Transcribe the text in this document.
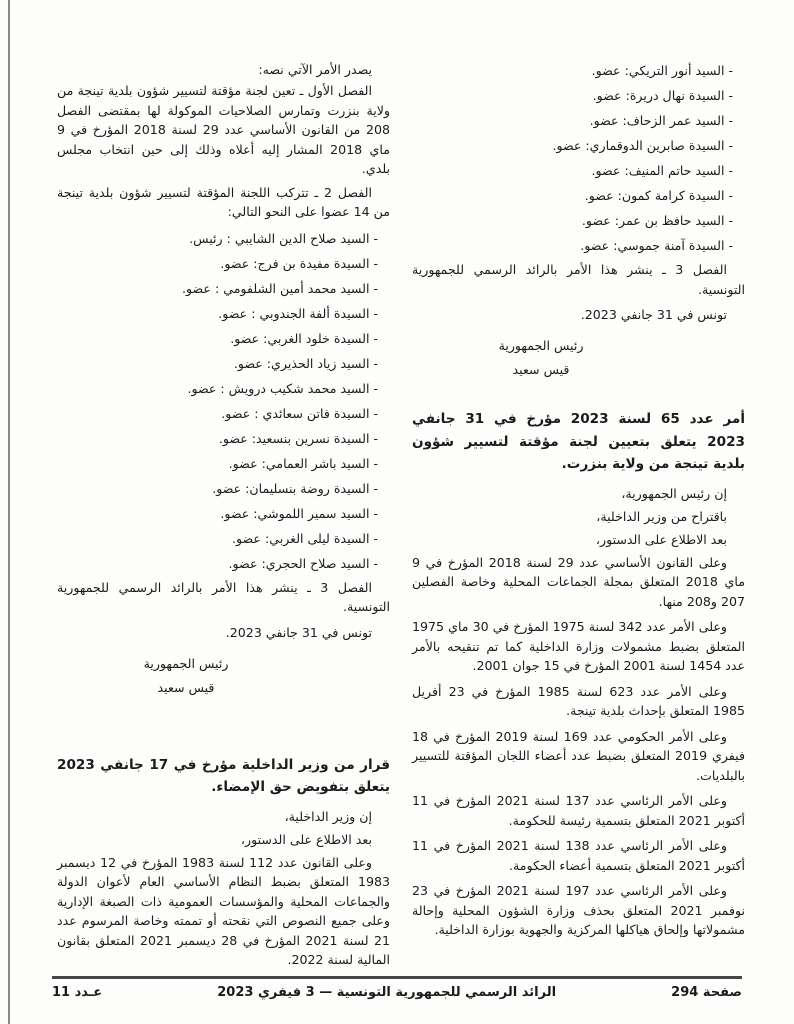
- السيد أنور التريكي: عضو.
- السيدة نهال دريرة: عضو.
- السيد عمر الزحاف: عضو.
- السيدة صابرين الدوقماري: عضو.
- السيد حاتم المنيف: عضو.
- السيدة كرامة كمون: عضو.
- السيد حافظ بن عمر: عضو.
- السيدة آمنة جموسي: عضو.

الفصل 3 ـ ينشر هذا الأمر بالرائد الرسمي للجمهورية التونسية.

تونس في 31 جانفي 2023.

رئيس الجمهورية
قيس سعيد
أمر عدد 65 لسنة 2023 مؤرخ في 31 جانفي 2023 يتعلق بتعيين لجنة مؤقتة لتسيير شؤون بلدية تينجة من ولاية بنزرت.

إن رئيس الجمهورية،

باقتراح من وزير الداخلية،

بعد الاطلاع على الدستور،

وعلى القانون الأساسي عدد 29 لسنة 2018 المؤرخ في 9 ماي 2018 المتعلق بمجلة الجماعات المحلية وخاصة الفصلين 207 و208 منها.

وعلى الأمر عدد 342 لسنة 1975 المؤرخ في 30 ماي 1975 المتعلق بضبط مشمولات وزارة الداخلية كما تم تنقيحه بالأمر عدد 1454 لسنة 2001 المؤرخ في 15 جوان 2001.

وعلى الأمر عدد 623 لسنة 1985 المؤرخ في 23 أفريل 1985 المتعلق بإحداث بلدية تينجة.

وعلى الأمر الحكومي عدد 169 لسنة 2019 المؤرخ في 18 فيفري 2019 المتعلق بضبط عدد أعضاء اللجان المؤقتة للتسيير بالبلديات.

وعلى الأمر الرئاسي عدد 137 لسنة 2021 المؤرخ في 11 أكتوبر 2021 المتعلق بتسمية رئيسة للحكومة.

وعلى الأمر الرئاسي عدد 138 لسنة 2021 المؤرخ في 11 أكتوبر 2021 المتعلق بتسمية أعضاء الحكومة.

وعلى الأمر الرئاسي عدد 197 لسنة 2021 المؤرخ في 23 نوفمبر 2021 المتعلق بحذف وزارة الشؤون المحلية وإحالة مشمولاتها وإلحاق هياكلها المركزية والجهوية بوزارة الداخلية.

يصدر الأمر الآتي نصه:

الفصل الأول ـ تعين لجنة مؤقتة لتسيير شؤون بلدية تينجة من ولاية بنزرت وتمارس الصلاحيات الموكولة لها بمقتضى الفصل 208 من القانون الأساسي عدد 29 لسنة 2018 المؤرخ في 9 ماي 2018 المشار إليه أعلاه وذلك إلى حين انتخاب مجلس بلدي.

الفصل 2 ـ تتركب اللجنة المؤقتة لتسيير شؤون بلدية تينجة من 14 عضوا على النحو التالي:

- السيد صلاح الدين الشايبي : رئيس.
- السيدة مفيدة بن فرج: عضو.
- السيد محمد أمين الشلفومي : عضو.
- السيدة ألفة الجندوبي : عضو.
- السيدة خلود الغربي: عضو.
- السيد زياد الحذيري: عضو.
- السيد محمد شكيب درويش : عضو.
- السيدة فاتن سعائدي : عضو.
- السيدة نسرين بنسعيد: عضو.
- السيد باشر العمامي: عضو.
- السيدة روضة بنسليمان: عضو.
- السيد سمير اللموشي: عضو.
- السيدة ليلى الغربي: عضو.
- السيد صلاح الحجري: عضو.

الفصل 3 ـ ينشر هذا الأمر بالرائد الرسمي للجمهورية التونسية.

تونس في 31 جانفي 2023.

رئيس الجمهورية
قيس سعيد
قرار من وزير الداخلية مؤرخ في 17 جانفي 2023 يتعلق بتفويض حق الإمضاء.

إن وزير الداخلية،

بعد الاطلاع على الدستور،

وعلى القانون عدد 112 لسنة 1983 المؤرخ في 12 ديسمبر 1983 المتعلق بضبط النظام الأساسي العام لأعوان الدولة والجماعات المحلية والمؤسسات العمومية ذات الصبغة الإدارية وعلى جميع النصوص التي نقحته أو تممته وخاصة المرسوم عدد 21 لسنة 2021 المؤرخ في 28 ديسمبر 2021 المتعلق بقانون المالية لسنة 2022.

صفحة 294
الرائد الرسمي للجمهورية التونسية — 3 فيفري 2023
عـدد 11
